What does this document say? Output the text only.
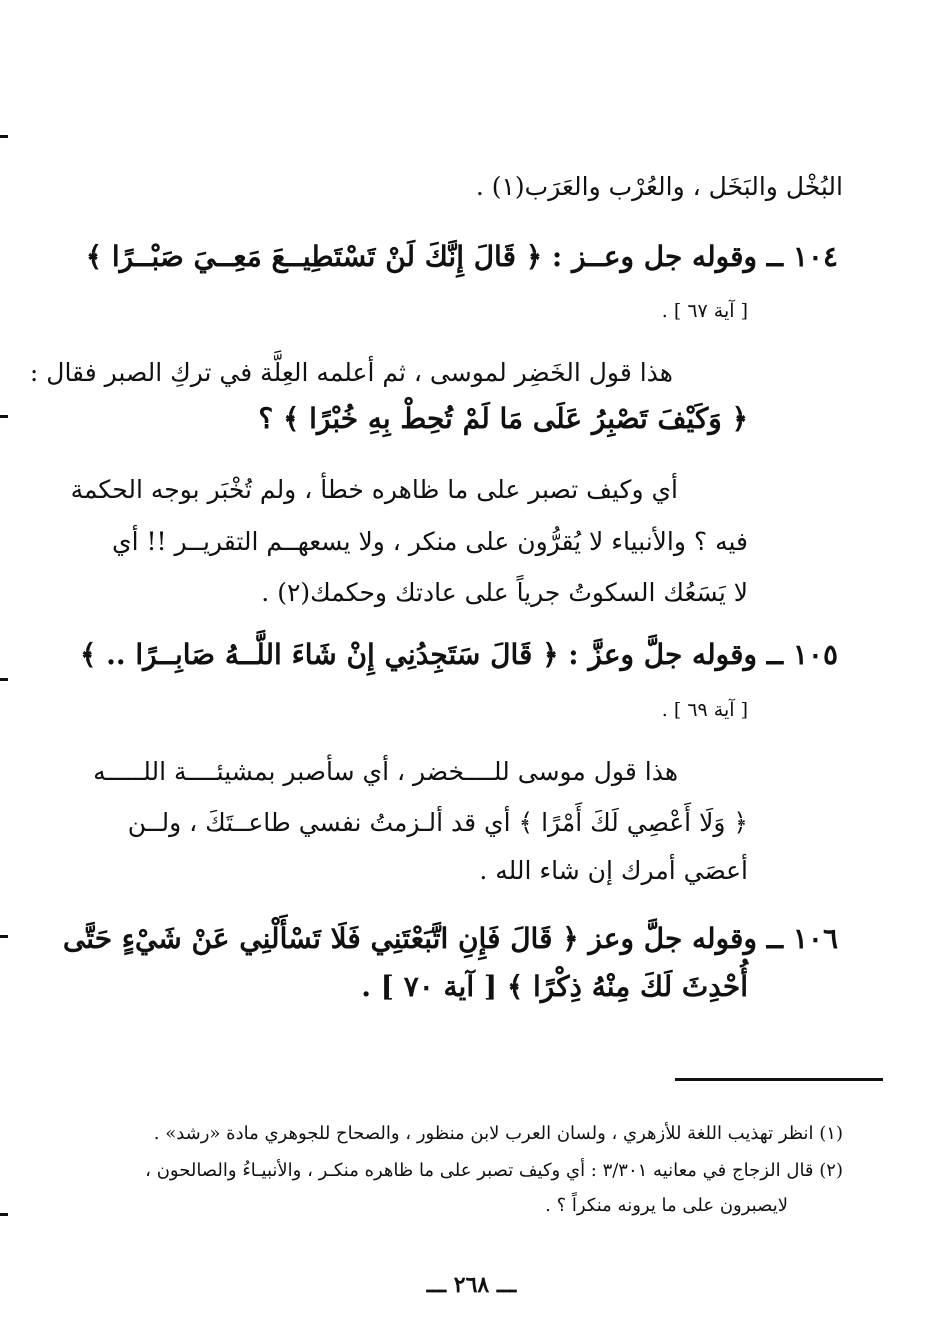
البُخْل والبَخَل ، والعُرْب والعَرَب(١) .
١٠٤ ــ وقوله جل وعــز : ﴿ قَالَ إِنَّكَ لَنْ تَسْتَطِيــعَ مَعِــيَ صَبْــرًا ﴾
[ آية ٦٧ ] .
هذا قول الخَضِر لموسى ، ثم أعلمه العِلَّة في تركِ الصبر فقال :
﴿ وَكَيْفَ تَصْبِرُ عَلَى مَا لَمْ تُحِطْ بِهِ خُبْرًا ﴾ ؟
أي وكيف تصبر على ما ظاهره خطأ ، ولم تُخْبَر بوجه الحكمة
فيه ؟ والأنبياء لا يُقرُّون على منكر ، ولا يسعهــم التقريــر !! أي
لا يَسَعُك السكوتُ جرياً على عادتك وحكمك(٢) .
١٠٥ ــ وقوله جلَّ وعزَّ : ﴿ قَالَ سَتَجِدُنِي إِنْ شَاءَ اللَّــهُ صَابِــرًا .. ﴾
[ آية ٦٩ ] .
هذا قول موسى للــــخضر ، أي سأصبر بمشيئــــة اللـــــه
﴿ وَلَا أَعْصِي لَكَ أَمْرًا ﴾ أي قد ألـزمتُ نفسي طاعــتَكَ ، ولــن
أعصَي أمرك إن شاء الله .
١٠٦ ــ وقوله جلَّ وعز ﴿ قَالَ فَإِنِ اتَّبَعْتَنِي فَلَا تَسْأَلْنِي عَنْ شَيْءٍ حَتَّى
أُحْدِثَ لَكَ مِنْهُ ذِكْرًا ﴾ [ آية ٧٠ ] .
(١) انظر تهذيب اللغة للأزهري ، ولسان العرب لابن منظور ، والصحاح للجوهري مادة «رشد» .
(٢) قال الزجاج في معانيه ٣/٣٠١ : أي وكيف تصبر على ما ظاهره منكـر ، والأنبيـاءُ والصالحون ،
لايصبرون على ما يرونه منكراً ؟ .
ـــ ٢٦٨ ـــ
